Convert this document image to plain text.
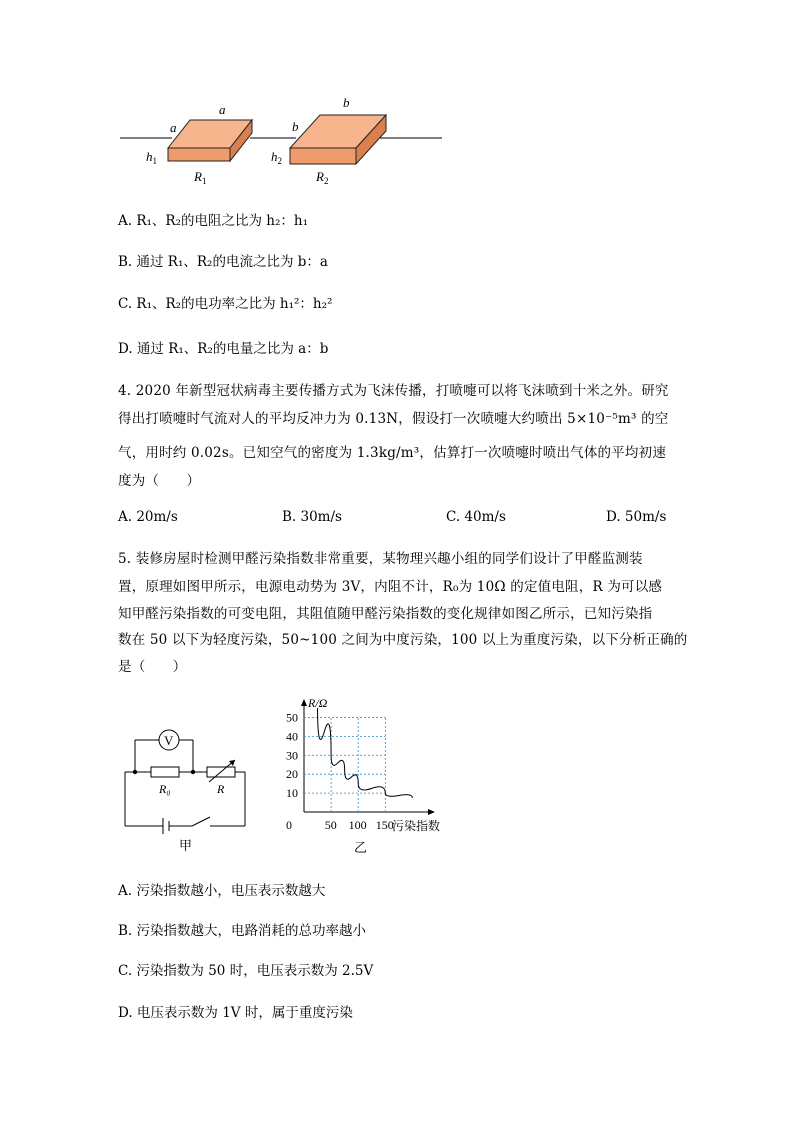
a
a
b
b
$h_1$	$h_2$
$R_1$	$R_2$
A. R₁、R₂的电阻之比为 h₂：h₁
B. 通过 R₁、R₂的电流之比为 b：a
C. R₁、R₂的电功率之比为 h₁²：h₂²
D. 通过 R₁、R₂的电量之比为 a：b
4. 2020 年新型冠状病毒主要传播方式为飞沫传播，打喷嚏可以将飞沫喷到十米之外。研究
得出打喷嚏时气流对人的平均反冲力为 0.13N，假设打一次喷嚏大约喷出 5×10⁻⁵m³ 的空
气，用时约 0.02s。已知空气的密度为 1.3kg/m³，估算打一次喷嚏时喷出气体的平均初速
度为（　　）
A. 20m/s	B. 30m/s	C. 40m/s	D. 50m/s
5. 装修房屋时检测甲醛污染指数非常重要，某物理兴趣小组的同学们设计了甲醛监测装
置，原理如图甲所示，电源电动势为 3V，内阻不计，R₀为 10Ω 的定值电阻，R 为可以感
知甲醛污染指数的可变电阻，其阻值随甲醛污染指数的变化规律如图乙所示，已知污染指
数在 50 以下为轻度污染，50~100 之间为中度污染，100 以上为重度污染，以下分析正确的
是（　　）
V
R₀	R
甲
R/Ω
污染指数
乙
0	50 100 150
10
20
30
40
50
A. 污染指数越小，电压表示数越大
B. 污染指数越大，电路消耗的总功率越小
C. 污染指数为 50 时，电压表示数为 2.5V
D. 电压表示数为 1V 时，属于重度污染
